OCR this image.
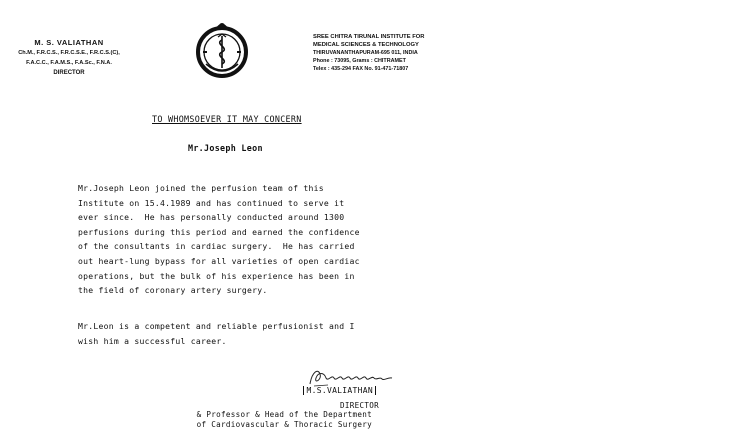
M. S. VALIATHAN
Ch.M., F.R.C.S., F.R.C.S.E., F.R.C.S.(C),
F.A.C.C., F.A.M.S., F.A.Sc., F.N.A.
DIRECTOR
SREE CHITRA TIRUNAL INSTITUTE FOR
MEDICAL SCIENCES & TECHNOLOGY
THIRUVANANTHAPURAM-695 011, INDIA
Phone : 73095, Grams : CHITRAMET
Telex : 435-294 FAX No. 91-471-71807
TO WHOMSOEVER IT MAY CONCERN
Mr.Joseph Leon
Mr.Joseph Leon joined the perfusion team of this
Institute on 15.4.1989 and has continued to serve it
ever since.  He has personally conducted around 1300
perfusions during this period and earned the confidence
of the consultants in cardiac surgery.  He has carried
out heart-lung bypass for all varieties of open cardiac
operations, but the bulk of his experience has been in
the field of coronary artery surgery.
Mr.Leon is a competent and reliable perfusionist and I
wish him a successful career.
M.S.VALIATHAN
DIRECTOR
& Professor & Head of the Department
of Cardiovascular & Thoracic Surgery
